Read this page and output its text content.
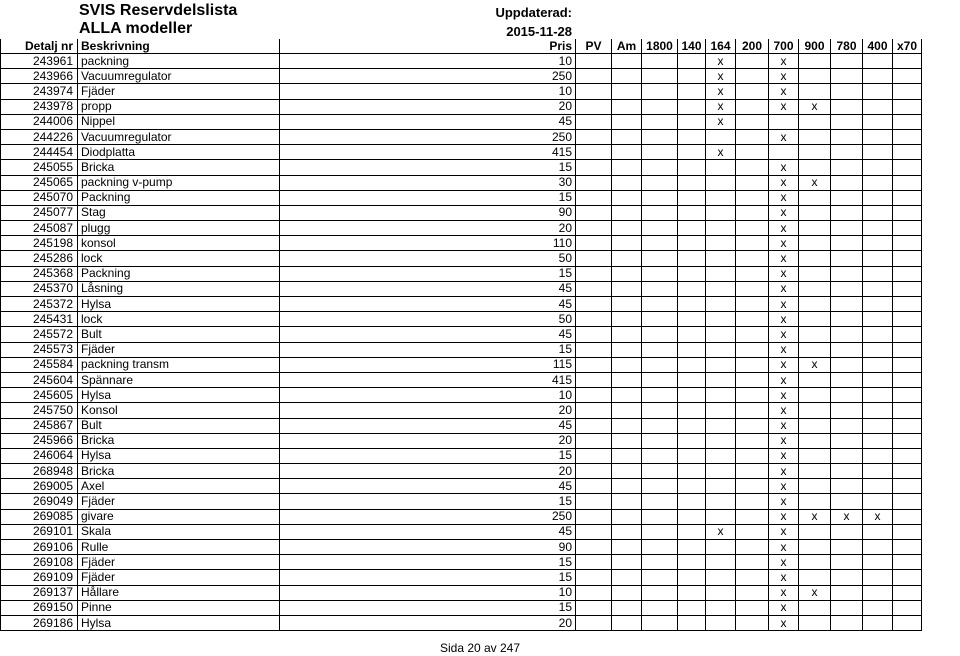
SVIS Reservdelslista
ALLA modeller
Uppdaterad:
2015-11-28
Detalj nr	Beskrivning	Pris	PV	Am	1800	140	164	200	700	900	780	400	x70
243961	packning	10					x		x				
243966	Vacuumregulator	250					x		x				
243974	Fjäder	10					x		x				
243978	propp	20					x		x	x			
244006	Nippel	45					x						
244226	Vacuumregulator	250							x				
244454	Diodplatta	415					x						
245055	Bricka	15							x				
245065	packning v-pump	30							x	x			
245070	Packning	15							x				
245077	Stag	90							x				
245087	plugg	20							x				
245198	konsol	110							x				
245286	lock	50							x				
245368	Packning	15							x				
245370	Låsning	45							x				
245372	Hylsa	45							x				
245431	lock	50							x				
245572	Bult	45							x				
245573	Fjäder	15							x				
245584	packning transm	115							x	x			
245604	Spännare	415							x				
245605	Hylsa	10							x				
245750	Konsol	20							x				
245867	Bult	45							x				
245966	Bricka	20							x				
246064	Hylsa	15							x				
268948	Bricka	20							x				
269005	Axel	45							x				
269049	Fjäder	15							x				
269085	givare	250							x	x	x	x	
269101	Skala	45					x		x				
269106	Rulle	90							x				
269108	Fjäder	15							x				
269109	Fjäder	15							x				
269137	Hållare	10							x	x			
269150	Pinne	15							x				
269186	Hylsa	20							x				
Sida 20 av 247
